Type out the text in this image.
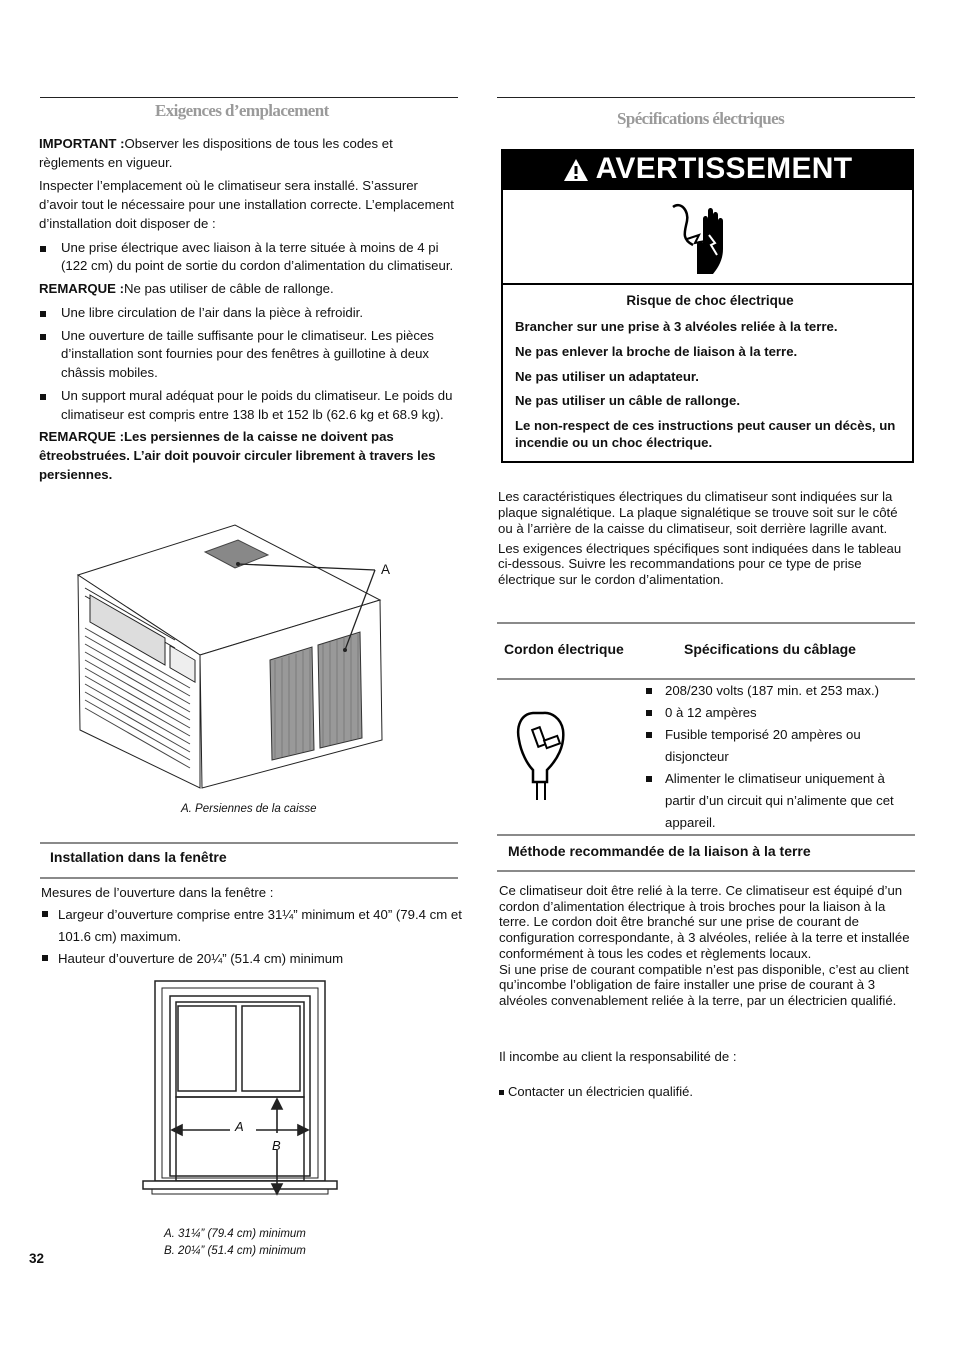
Exigences d’emplacement

IMPORTANT :Observer les dispositions de tous les codes et règlements en vigueur.

Inspecter l’emplacement où le climatiseur sera installé. S’assurer d’avoir tout le nécessaire pour une installation correcte. L’emplacement d’installation doit disposer de :

Une prise électrique avec liaison à la terre située à moins de 4 pi (122 cm) du point de sortie du cordon d’alimentation du climatiseur.

REMARQUE :Ne pas utiliser de câble de rallonge.

Une libre circulation de l’air dans la pièce à refroidir.

Une ouverture de taille suffisante pour le climatiseur. Les pièces d’installation sont fournies pour des fenêtres à guillotine à deux châssis mobiles.

Un support mural adéquat pour le poids du climatiseur. Le poids du climatiseur est compris entre 138 lb et 152 lb (62.6 kg et 68.9 kg).

REMARQUE :Les persiennes de la caisse ne doivent pas êtreobstruées. L’air doit pouvoir circuler librement à travers les persiennes.

A
A. Persiennes de la caisse
Installation dans la fenêtre

Mesures de l’ouverture dans la fenêtre :

Largeur d’ouverture comprise entre 31¼” minimum et 40” (79.4 cm et 101.6 cm) maximum.

Hauteur d’ouverture de 20¼” (51.4 cm) minimum

A
B
A. 31¼” (79.4 cm) minimum
B. 20¼” (51.4 cm) minimum
32
Spécifications électriques
AVERTISSEMENT
Risque de choc électrique
Brancher sur une prise à 3 alvéoles reliée à la terre.
Ne pas enlever la broche de liaison à la terre.
Ne pas utiliser un adaptateur.
Ne pas utiliser un câble de rallonge.
Le non-respect de ces instructions peut causer un décès, un incendie ou un choc électrique.

Les caractéristiques électriques du climatiseur sont indiquées sur la plaque signalétique. La plaque signalétique se trouve soit sur le côté ou à l’arrière de la caisse du climatiseur, soit derrière lagrille avant.

Les exigences électriques spécifiques sont indiquées dans le tableau ci-dessous. Suivre les recommandations pour ce type de prise électrique sur le cordon d’alimentation.

Cordon électrique	Spécifications du câblage

208/230 volts (187 min. et 253 max.)

0 à 12 ampères

Fusible temporisé 20 ampères ou disjoncteur

Alimenter le climatiseur uniquement à partir d’un circuit qui n’alimente que cet appareil.

Méthode recommandée de la liaison à la terre

Ce climatiseur doit être relié à la terre. Ce climatiseur est équipé d’un cordon d’alimentation électrique à trois broches pour la liaison à la terre. Le cordon doit être branché sur une prise de courant de configuration correspondante, à 3 alvéoles, reliée à la terre et installée conformément à tous les codes et règlements locaux.

Si une prise de courant compatible n’est pas disponible, c’est au client qu’incombe l’obligation de faire installer une prise de courant à 3 alvéoles convenablement reliée à la terre, par un électricien qualifié.

Il incombe au client la responsabilité de :
Contacter un électricien qualifié.
